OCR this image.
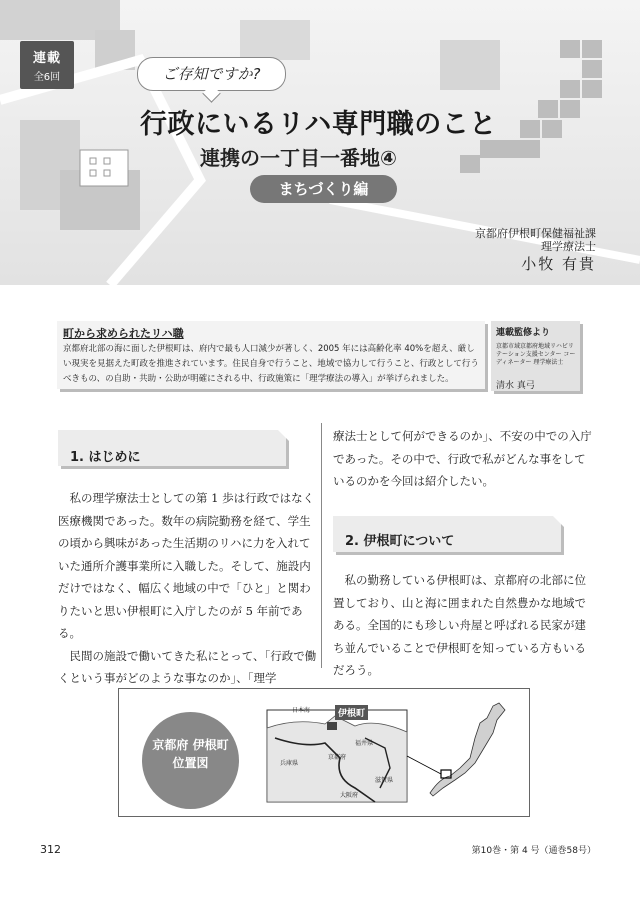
連載
全6回	ご存知ですか?
行政にいるリハ専門職のこと
連携の一丁目一番地④
まちづくり編
京都府伊根町保健福祉課
理学療法士
小牧 有貴
町から求められたリハ職
京都府北部の海に面した伊根町は、府内で最も人口減少が著しく、2005 年には高齢化率 40%を超え、厳しい現実を見据えた町政を推進されています。住民自身で行うこと、地域で協力して行うこと、行政として行うべきもの、の自助・共助・公助が明確にされる中、行政施策に「理学療法の導入」が挙げられました。
連載監修より
京都市域京都府地域リハビリテーション支援センター コーディネーター 理学療法士
清水 真弓
1. はじめに

私の理学療法士としての第 1 歩は行政ではなく医療機関であった。数年の病院勤務を経て、学生の頃から興味があった生活期のリハに力を入れていた通所介護事業所に入職した。そして、施設内だけではなく、幅広く地域の中で「ひと」と関わりたいと思い伊根町に入庁したのが 5 年前である。

民間の施設で働いてきた私にとって、「行政で働くという事がどのような事なのか」、「理学

療法士として何ができるのか」、不安の中での入庁であった。その中で、行政で私がどんな事をしているのかを今回は紹介したい。

2. 伊根町について

私の勤務している伊根町は、京都府の北部に位置しており、山と海に囲まれた自然豊かな地域である。全国的にも珍しい舟屋と呼ばれる民家が建ち並んでいることで伊根町を知っている方もいるだろう。

京都府 伊根町
位置図
日本海	伊根町
福井県
京都府
兵庫県
滋賀県
大阪府
312	第10巻・第 4 号（通巻58号）
